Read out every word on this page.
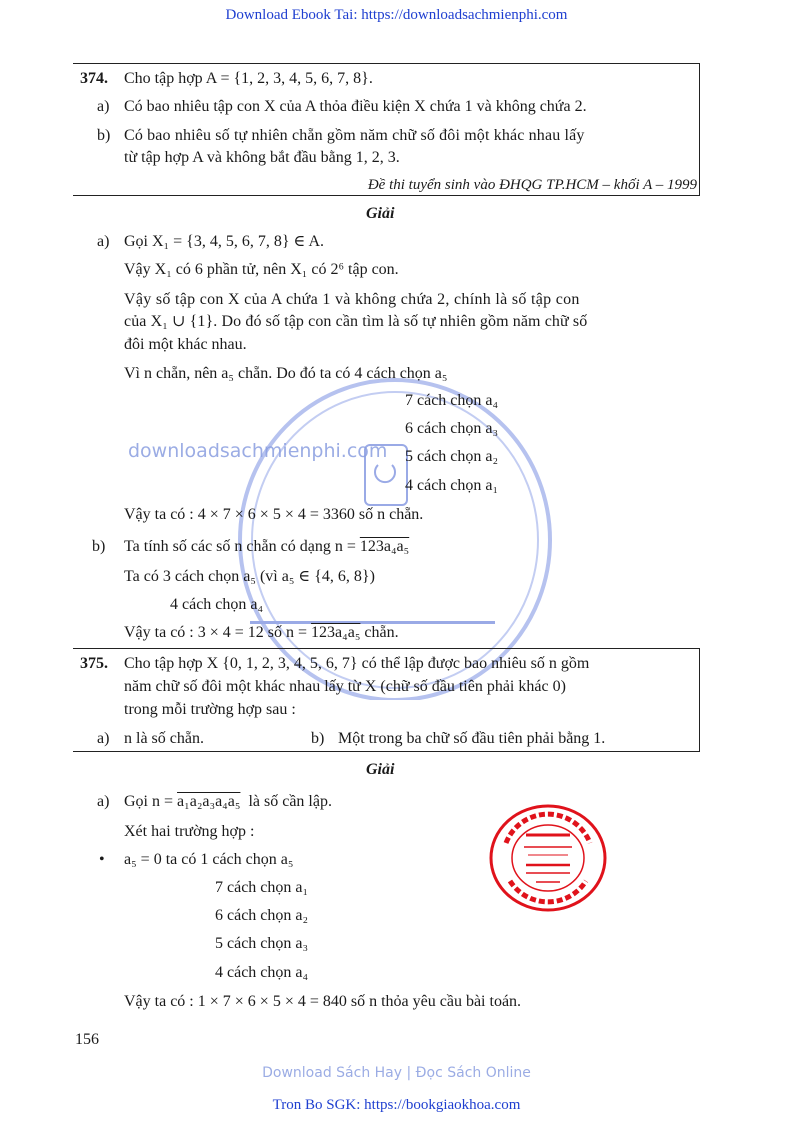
Download Ebook Tai: https://downloadsachmienphi.com
downloadsachmienphi.com
Download Sách Hay | Đọc Sách Online
374. Cho tập hợp A = {1, 2, 3, 4, 5, 6, 7, 8}.
a) Có bao nhiêu tập con X của A thỏa điều kiện X chứa 1 và không chứa 2.
b) Có bao nhiêu số tự nhiên chẵn gồm năm chữ số đôi một khác nhau lấy
từ tập hợp A và không bắt đầu bằng 1, 2, 3.
Đề thi tuyển sinh vào ĐHQG TP.HCM – khối A – 1999
Giải
a) Gọi X₁ = {3, 4, 5, 6, 7, 8} ∈ A.
Vậy X₁ có 6 phần tử, nên X₁ có 2⁶ tập con.
Vậy số tập con X của A chứa 1 và không chứa 2, chính là số tập con
của X₁ ∪ {1}. Do đó số tập con cần tìm là số tự nhiên gồm năm chữ số
đôi một khác nhau.
Vì n chẵn, nên a₅ chẵn. Do đó ta có 4 cách chọn a₅
7 cách chọn a₄
6 cách chọn a₃
5 cách chọn a₂
4 cách chọn a₁
Vậy ta có : 4 × 7 × 6 × 5 × 4 = 3360 số n chẵn.
b) Ta tính số các số n chẵn có dạng n = 123a₄a₅
Ta có 3 cách chọn a₅ (vì a₅ ∈ {4, 6, 8})
4 cách chọn a₄
Vậy ta có : 3 × 4 = 12 số n = 123a₄a₅ chẵn.
375. Cho tập hợp X {0, 1, 2, 3, 4, 5, 6, 7} có thể lập được bao nhiêu số n gồm
năm chữ số đôi một khác nhau lấy từ X (chữ số đầu tiên phải khác 0)
trong mỗi trường hợp sau :
a) n là số chẵn.	b) Một trong ba chữ số đầu tiên phải bằng 1.
Giải
a) Gọi n = a₁a₂a₃a₄a₅  là số cần lập.
Xét hai trường hợp :
• a₅ = 0 ta có 1 cách chọn a₅
7 cách chọn a₁
6 cách chọn a₂
5 cách chọn a₃
4 cách chọn a₄
Vậy ta có : 1 × 7 × 6 × 5 × 4 = 840 số n thỏa yêu cầu bài toán.
156
Tron Bo SGK: https://bookgiaokhoa.com
